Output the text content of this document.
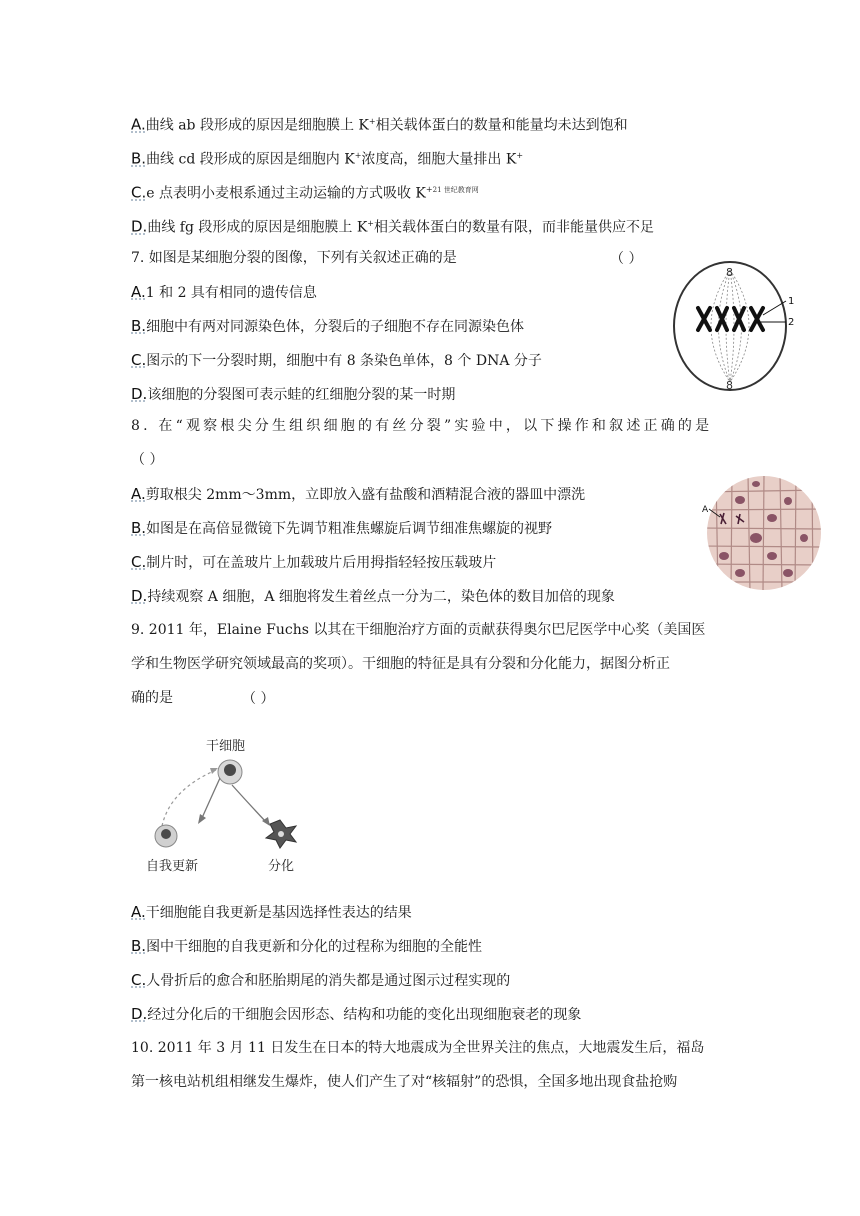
A.曲线 ab 段形成的原因是细胞膜上 K+相关载体蛋白的数量和能量均未达到饱和
B.曲线 cd 段形成的原因是细胞内 K+浓度高，细胞大量排出 K+
C.e 点表明小麦根系通过主动运输的方式吸收 $K^{+21 世纪教育网}$
D.曲线 fg 段形成的原因是细胞膜上 K+相关载体蛋白的数量有限，而非能量供应不足
7. 如图是某细胞分裂的图像，下列有关叙述正确的是	（ ）
8
8
1
2
A.1 和 2 具有相同的遗传信息
B.细胞中有两对同源染色体，分裂后的子细胞不存在同源染色体
C.图示的下一分裂时期，细胞中有 8 条染色单体，8 个 DNA 分子
D.该细胞的分裂图可表示蛙的红细胞分裂的某一时期
8. 在“观察根尖分生组织细胞的有丝分裂”实验中，以下操作和叙述正确的是
（ ）
A
A.剪取根尖 2mm～3mm，立即放入盛有盐酸和酒精混合液的器皿中漂洗
B.如图是在高倍显微镜下先调节粗准焦螺旋后调节细准焦螺旋的视野
C.制片时，可在盖玻片上加载玻片后用拇指轻轻按压载玻片
D.持续观察 A 细胞，A 细胞将发生着丝点一分为二，染色体的数目加倍的现象
9. 2011 年，Elaine Fuchs 以其在干细胞治疗方面的贡献获得奥尔巴尼医学中心奖（美国医
学和生物医学研究领域最高的奖项）。干细胞的特征是具有分裂和分化能力，据图分析正
确的是	（ ）
干细胞
自我更新	分化
A.干细胞能自我更新是基因选择性表达的结果
B.图中干细胞的自我更新和分化的过程称为细胞的全能性
C.人骨折后的愈合和胚胎期尾的消失都是通过图示过程实现的
D.经过分化后的干细胞会因形态、结构和功能的变化出现细胞衰老的现象
10. 2011 年 3 月 11 日发生在日本的特大地震成为全世界关注的焦点，大地震发生后，福岛
第一核电站机组相继发生爆炸，使人们产生了对“核辐射”的恐惧，全国多地出现食盐抢购
